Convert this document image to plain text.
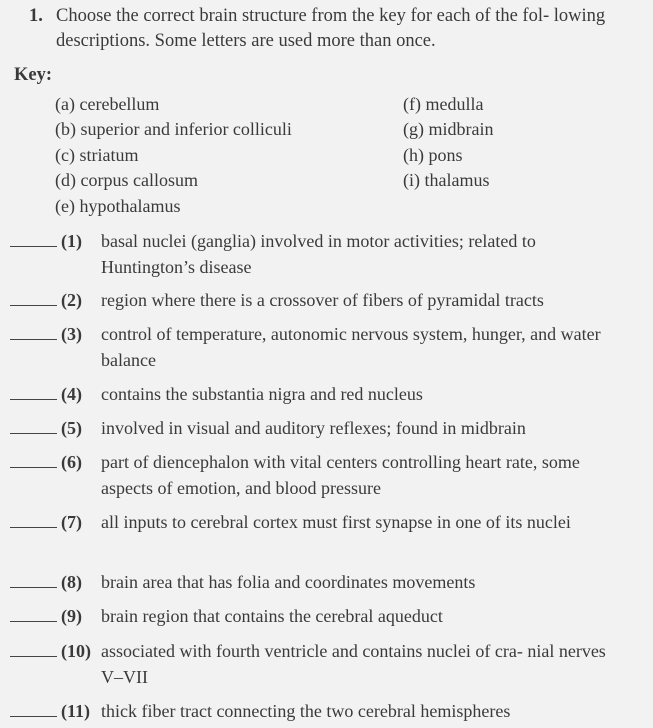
1. Choose the correct brain structure from the key for each of the fol- lowing descriptions. Some letters are used more than once.
Key:
(a) cerebellum
(b) superior and inferior colliculi
(c) striatum
(d) corpus callosum
(e) hypothalamus
(f) medulla
(g) midbrain
(h) pons
(i) thalamus
(1) basal nuclei (ganglia) involved in motor activities; related to Huntington’s disease
(2) region where there is a crossover of fibers of pyramidal tracts
(3) control of temperature, autonomic nervous system, hunger, and water balance
(4) contains the substantia nigra and red nucleus
(5) involved in visual and auditory reflexes; found in midbrain
(6) part of diencephalon with vital centers controlling heart rate, some aspects of emotion, and blood pressure
(7) all inputs to cerebral cortex must first synapse in one of its nuclei
(8) brain area that has folia and coordinates movements
(9) brain region that contains the cerebral aqueduct
(10) associated with fourth ventricle and contains nuclei of cra- nial nerves V–VII
(11) thick fiber tract connecting the two cerebral hemispheres
